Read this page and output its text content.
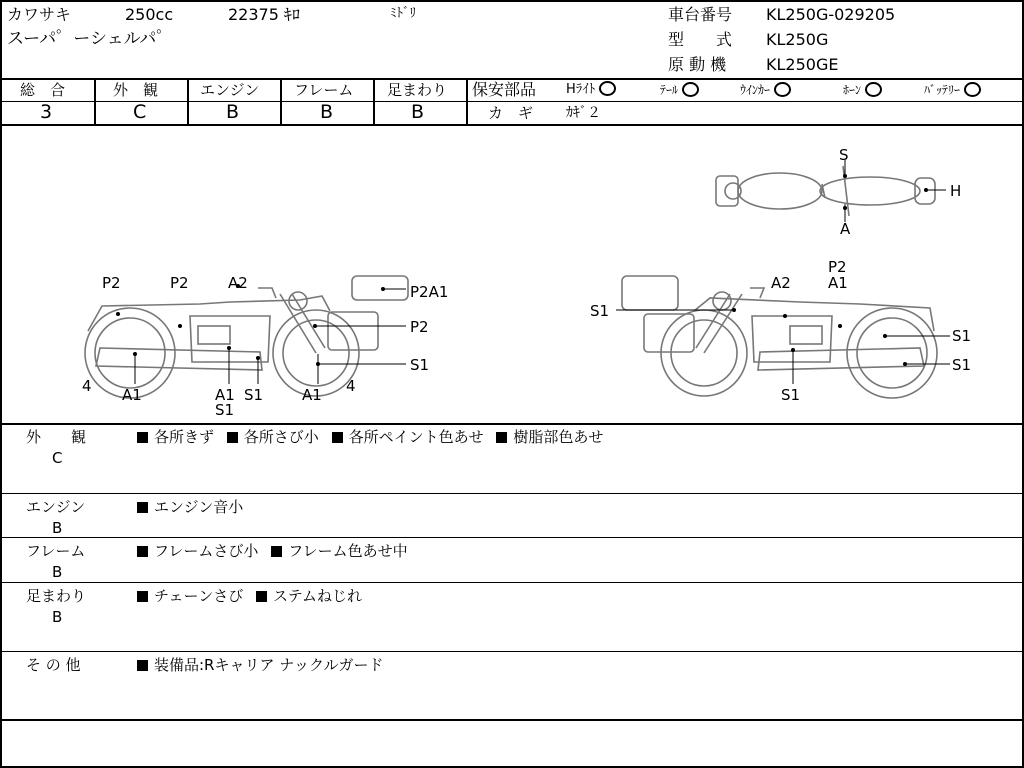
カワサキ	250cc	22375 ｷﾛ	ﾐﾄﾞﾘ
スーパ゜ーシェルパ゜
車台番号 KL250G-029205
型　　式 KL250G
原 動 機 KL250GE
総　合
3
外　観
C
エンジン
B
フレーム
B
足まわり
B
保安部品 Hﾗｲﾄ	ﾃｰﾙ	ｳｲﾝｶｰ	ﾎｰﾝ	ﾊﾞｯﾃﾘｰ
カ　ギ ｶｷﾞ２
S
H
A
P2	P2	A2	P2A1
P2
S1
4 A1	A1
S1
S1	A1 4
S1
A2
P2
A1
S1
S1
S1
外　　観
C
各所きず 各所さび小 各所ペイント色あせ 樹脂部色あせ
エンジン
B
エンジン音小
フレーム
B
フレームさび小 フレーム色あせ中
足まわり
B
チェーンさび ステムねじれ
そ の 他	装備品:Rキャリア ナックルガード
